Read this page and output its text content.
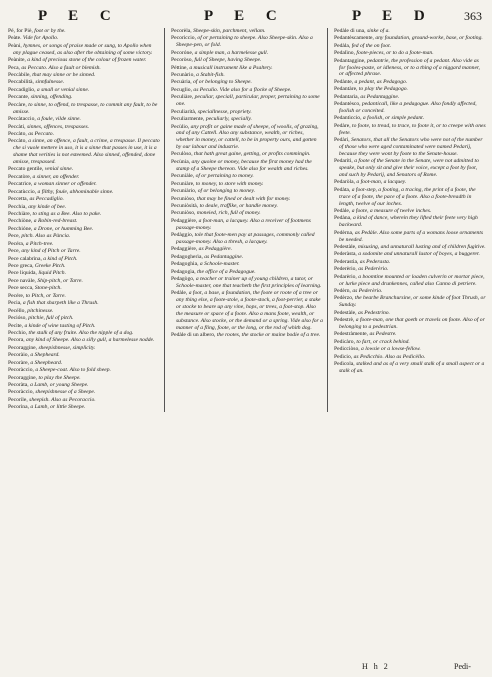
P E C	P E C	P E D	363
Pé, for Piè, foot or by the.
Peàte. Vide for Apollo.
Peàni, hymnes, or songs of praise made or sung, to Apollo when any plague ceased, as also after the obtaining of some victory.
Peànite, a kind of precious stone of the colour of frozen water.
Peca, as Peccato. Also a fault or blemish.
Peccàbile, that may sinne or be sinned.
Peccabilità, sinnfulnesse.
Peccadiglio, a small or venial sinne.
Peccante, sinning, offending.
Peccàre, to sinne, to offend, to trespasse, to commit any fault, to be amisse.
Peccàtaccio, a foule, vilde sinne.
Peccàti, sinnes, offences, trespasses.
Peccàto, as Peccato.
Peccàto, a sinne, an offence, a fault, a crime, a trespasse. Il peccato che si vuole mettere in uso, it is a sinne that passes in use, it is a shame that verities is not esteemed. Also sinned, offended, done amisse, trespassed.
Peccato gentile, venial sinne.
Peccatòre, a sinner, an offender.
Peccatrìce, a woman sinner or offender.
Peccatùccio, a filthy, foule, abhominable sinne.
Peccetta, as Peccadiglio.
Pecchia, any kinde of bee.
Pecchiàre, to sting as a Bee. Also to pake.
Pecchiòne, a Robin-red-breast.
Pecchióne, a Drone, or humming Bee.
Pece, pitch. Also as Pància.
Pecéra, a Pitch-tree.
Pece, any kind of Pitch or Tarre.
Pece calabrìna, a kind of Pitch.
Pece greca, Greeke Pitch.
Pece liquida, liquid Pitch.
Pece navàle, Ship-pitch, or Tarre.
Pece secca, Stone-pitch.
Pecére, to Pitch, or Tarre.
Pecia, a fish that sharpeth like a Thrush.
Pecéllo, pitchinesse.
Pecióso, pitchie, full of pitch.
Pecìte, a kinde of wine tasting of Pitch.
Pecchio, the stalk of any fruite. Also the nipple of a dog.
Pecora, any kind of Sheepe. Also a silly gull, a harmelesse nodde.
Pecoraggine, sheepishnesse, simplicity.
Pecoràio, a Shepheard.
Pecoràre, a Sheepheard.
Pecoràccio, a Sheepe-coat. Also to fold sheep.
Pecoraggìne, to play the Sheepe.
Pecoràta, a Lamb, or young Sheepe.
Pecoràccio, sheepishnesse of a Sheepe.
Pecorile, sheepish. Also as Pecoraccio.
Pecorìna, a Lamb, or little Sheepe.
Pecorèla, Sheepe-skin, parchment, vellam.
Pecorìccio, of or pertaining to sheepe. Also Sheepe-skin. Also a Sheepe-pen, or fold.
Pecoróne, a simple man, a harmelesse gull.
Pecoròso, full of Sheepe, having Sheepe.
Péttine, a musicall instrument like a Psaltery.
Pecunàrio, a Stabit-fish.
Pecuària, of or belonging to Sheepe.
Pecuglio, as Peculio. Vide also for a flocke of Sheepe.
Peculiàre, peculiar, speciall, particular, proper, pertaining to some one.
Peculiarità, speciallnesse, propriety.
Peculiarmente, peculiarly, specially.
Pecùlio, any profit or gaine made of sheepe, of woolls, of grazing, and of any Cattell. Also any substance, wealth, or riches, whether in money, or cattell, to be in property ours, and gotten by our labour and industrie.
Peculòso, that hath great gaine, getting, or profits commingin.
Pecùnia, any quoine or money, because the first money had the stamp of a Sheepe thereon. Vide also for wealth and riches.
Pecuniàle, of or pertaining to money.
Pecuniàre, to money, to store with money.
Pecuniàrio, of or belonging to money.
Pecuniòso, that may be fined or dealt with for money.
Pecuniòsità, to deale, traffike, or handle money.
Pecuniòso, moneied, rich, full of money.
Pedaggière, a foot-man, a lacquey. Also a receiver of footmens passage-money.
Pedàggio, tole that foote-men pay at passages, commonly called passage-money. Also a thresh, a lacquey.
Pedaggière, as Pedaggière.
Pedagogherìa, as Pedantaggine.
Pedagoghìa, a Schoole-master.
Pedagogìa, the office of a Pedagogue.
Pedagògo, a teacher or trainer up of young children, a tutor, or Schoole-master, one that teacheth the first principles of learning.
Pedàle, a foot, a base, a foundation, the foote or roote of a tree or any thing else, a foote-stole, a foote-stock, a foot-perrier, a stake or stocke to beare up any vine, hops, or trees, a foot-stop. Also the measure or space of a foote. Also a mans foote, wealth, or substance. Also stocke, or the demand or a spring. Vide also for a manner of a fling, foote, or the long, or the rod of whith dog.
Pedàle di un albero, the rootes, the stocke or maine bodie of a tree.
Pedàle di una, sinke of a.
Pedantèscamente, any foundation, ground-worke, base, or footing.
Pedàla, fed of the on foot.
Pedalìno, foote-pieces, or to do a foote-man.
Pedantaggine, pedantrie, the profession of a pedant. Also vide as for fooles-paste, or idleness, or to a thing of a niggard manner, or affected phrase.
Pedànte, a pedant, as Pedagogo.
Pedantàre, to play the Pedagogo.
Pedantarìa, as Pedantaggine.
Pedantèsco, pedanticall, like a pedagogue. Also fondly affected, foolish or conceited.
Pedantìccio, a foolish, or simple pedant.
Pedàre, to foote, to tread, to trace, to foote it, or to creepe with ones feete.
Pedàri, Senators, that all the Senators who were not of the number of those who were aged contaminated were named Pedarij, because they were wont by foote to the Senate-house.
Pedaríti, a foote of the Senate in the Senate, were not admitted to speake, but only sit and give their voice, except a foot by foot, and such by Pedarij, and Senators of Rome.
Pedaròla, a foot-man, a lacquey.
Pedàta, a foot-step, a footing, a tracing, the print of a foote, the trace of a foote, the pace of a foote. Also a foote-breadth in length, twelve of our inches.
Pedàle, a foote, a measure of twelve inches.
Pedàna, a kind of dance, wherein they lifted their feete very high backward.
Pedèrna, as Pedàle. Also some parts of a womans loose ornaments be needed.
Pedestàle, misusing, and unnaturall lusting and of children fugitive.
Pederàsta, a sodomite and unnaturall lustor of boyes, a buggerer.
Pederastìa, as Pederasta.
Pederèrio, as Pederèrio.
Pedarèrio, a boomtine mounted or loaden culverin or mortar piece, or lurke piece and drunkennes, called also Canno di petriere.
Pedèrn, as Pederèrio.
Pedèrzo, the hearbe Branchursine, or some kinde of foot Thrush, or Sunday.
Pedestàle, as Pedestrino.
Pedestrè, a foote-man, one that goeth or travels on foote. Also of or belonging to a pedestrian.
Pedestràmente, as Pedestre.
Pedicàro, to fart, or crack behind.
Pedicciòso, a lowsie or a lowse-fellow.
Pedìcio, as Pedicchio. Also as Pedicèllo.
Pedìcola, stalked and as of a very small stalk of a small aspect or a stalk of an.
H h 2	Pedi-
